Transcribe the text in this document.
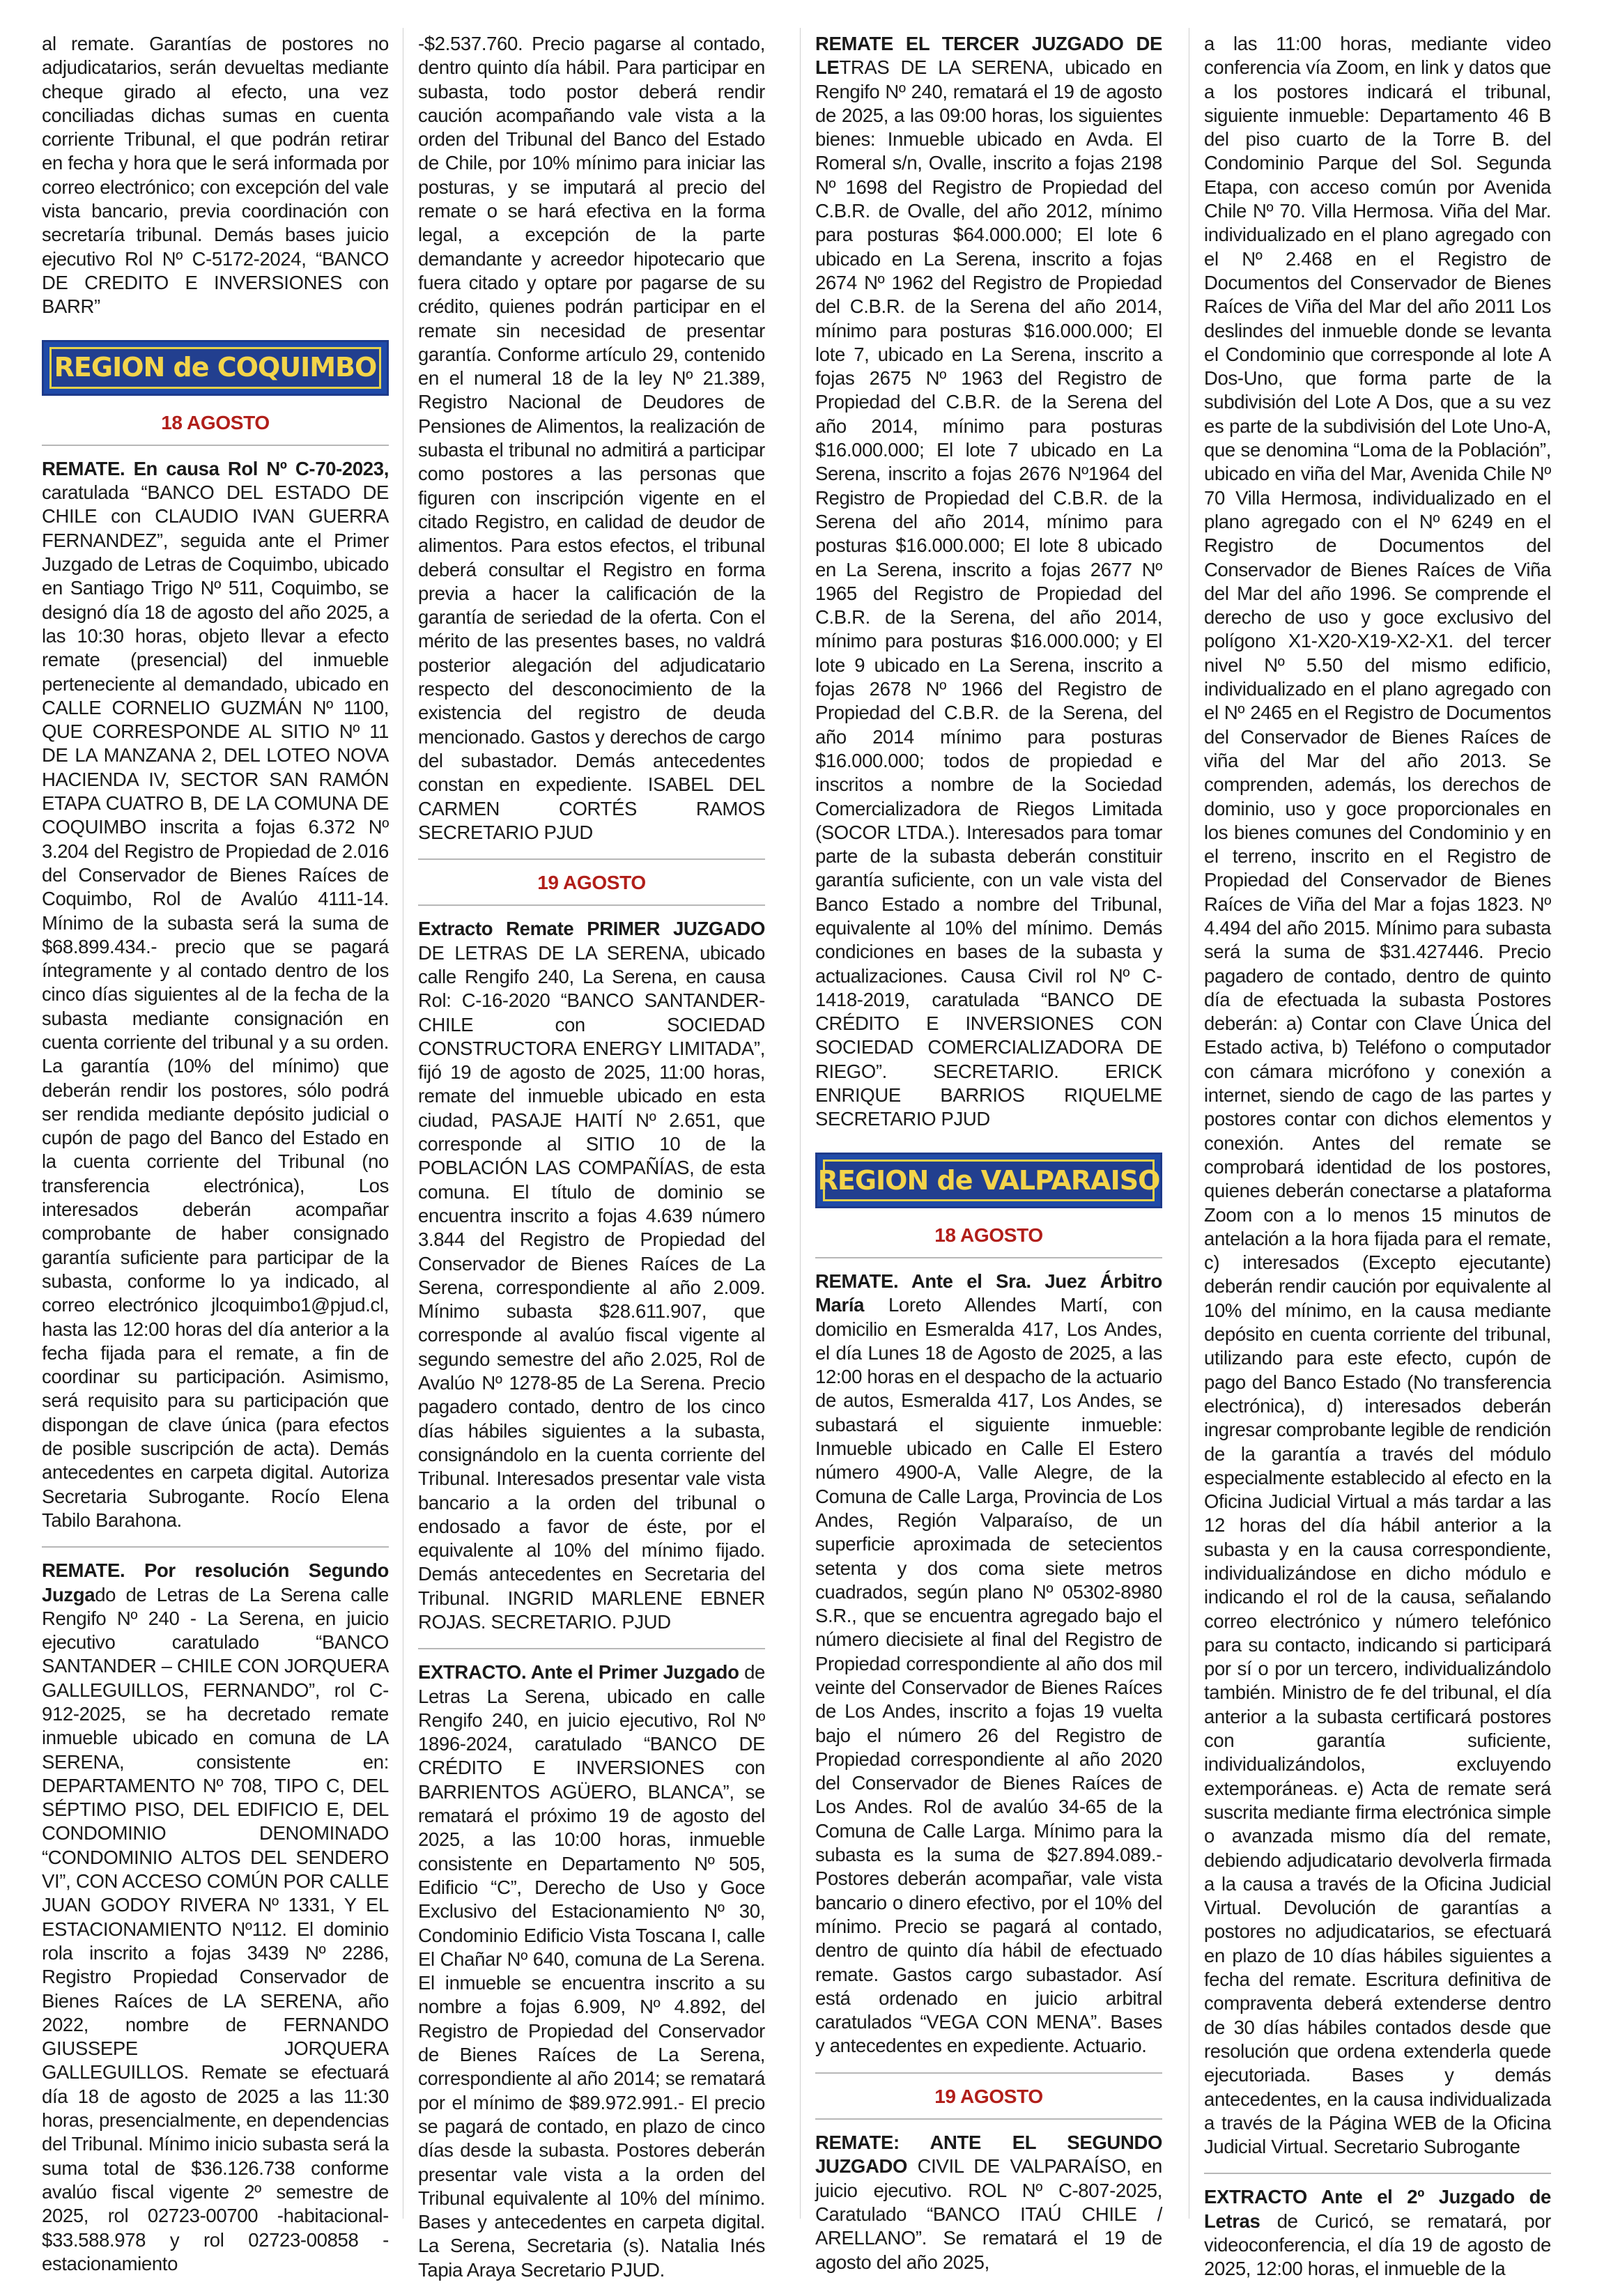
al remate. Garantías de postores no adjudicatarios, serán devueltas mediante cheque girado al efecto, una vez conciliadas dichas sumas en cuenta corriente Tribunal, el que podrán retirar en fecha y hora que le será informada por correo electrónico; con excepción del vale vista bancario, previa coordinación con secretaría tribunal. Demás bases juicio ejecutivo Rol Nº C-5172-2024, “BANCO DE CREDITO E INVERSIONES con BARR”

REGION de COQUIMBO
18 AGOSTO

REMATE. En causa Rol Nº C-70-2023, caratulada “BANCO DEL ESTADO DE CHILE con CLAUDIO IVAN GUERRA FERNANDEZ”, seguida ante el Primer Juzgado de Letras de Coquimbo, ubicado en Santiago Trigo Nº 511, Coquimbo, se designó día 18 de agosto del año 2025, a las 10:30 horas, objeto llevar a efecto remate (presencial) del inmueble perteneciente al demandado, ubicado en CALLE CORNELIO GUZMÁN Nº 1100, QUE CORRESPONDE AL SITIO Nº 11 DE LA MANZANA 2, DEL LOTEO NOVA HACIENDA IV, SECTOR SAN RAMÓN ETAPA CUATRO B, DE LA COMUNA DE COQUIMBO inscrita a fojas 6.372 Nº 3.204 del Registro de Propiedad de 2.016 del Conservador de Bienes Raíces de Coquimbo, Rol de Avalúo 4111-14. Mínimo de la subasta será la suma de $68.899.434.- precio que se pagará íntegramente y al contado dentro de los cinco días siguientes al de la fecha de la subasta mediante consignación en cuenta corriente del tribunal y a su orden. La garantía (10% del mínimo) que deberán rendir los postores, sólo podrá ser rendida mediante depósito judicial o cupón de pago del Banco del Estado en la cuenta corriente del Tribunal (no transferencia electrónica), Los interesados deberán acompañar comprobante de haber consignado garantía suficiente para participar de la subasta, conforme lo ya indicado, al correo electrónico jlcoquimbo1@pjud.cl, hasta las 12:00 horas del día anterior a la fecha fijada para el remate, a fin de coordinar su participación. Asimismo, será requisito para su participación que dispongan de clave única (para efectos de posible suscripción de acta). Demás antecedentes en carpeta digital. Autoriza Secretaria Subrogante. Rocío Elena Tabilo Barahona.

REMATE. Por resolución Segundo Juzgado de Letras de La Serena calle Rengifo Nº 240 - La Serena, en juicio ejecutivo caratulado “BANCO SANTANDER – CHILE CON JORQUERA GALLEGUILLOS, FERNANDO”, rol C-912-2025, se ha decretado remate inmueble ubicado en comuna de LA SERENA, consistente en: DEPARTAMENTO Nº 708, TIPO C, DEL SÉPTIMO PISO, DEL EDIFICIO E, DEL CONDOMINIO DENOMINADO “CONDOMINIO ALTOS DEL SENDERO VI”, CON ACCESO COMÚN POR CALLE JUAN GODOY RIVERA Nº 1331, Y EL ESTACIONAMIENTO Nº112. El dominio rola inscrito a fojas 3439 Nº 2286, Registro Propiedad Conservador de Bienes Raíces de LA SERENA, año 2022, nombre de FERNANDO GIUSSEPE JORQUERA GALLEGUILLOS. Remate se efectuará día 18 de agosto de 2025 a las 11:30 horas, presencialmente, en dependencias del Tribunal. Mínimo inicio subasta será la suma total de $36.126.738 conforme avalúo fiscal vigente 2º semestre de 2025, rol 02723-00700 -habitacional- $33.588.978 y rol 02723-00858 -estacionamiento

-$2.537.760. Precio pagarse al contado, dentro quinto día hábil. Para participar en subasta, todo postor deberá rendir caución acompañando vale vista a la orden del Tribunal del Banco del Estado de Chile, por 10% mínimo para iniciar las posturas, y se imputará al precio del remate o se hará efectiva en la forma legal, a excepción de la parte demandante y acreedor hipotecario que fuera citado y optare por pagarse de su crédito, quienes podrán participar en el remate sin necesidad de presentar garantía. Conforme artículo 29, contenido en el numeral 18 de la ley Nº 21.389, Registro Nacional de Deudores de Pensiones de Alimentos, la realización de subasta el tribunal no admitirá a participar como postores a las personas que figuren con inscripción vigente en el citado Registro, en calidad de deudor de alimentos. Para estos efectos, el tribunal deberá consultar el Registro en forma previa a hacer la calificación de la garantía de seriedad de la oferta. Con el mérito de las presentes bases, no valdrá posterior alegación del adjudicatario respecto del desconocimiento de la existencia del registro de deuda mencionado. Gastos y derechos de cargo del subastador. Demás antecedentes constan en expediente. ISABEL DEL CARMEN CORTÉS RAMOS SECRETARIO PJUD

19 AGOSTO

Extracto Remate PRIMER JUZGADO DE LETRAS DE LA SERENA, ubicado calle Rengifo 240, La Serena, en causa Rol: C-16-2020 “BANCO SANTANDER-CHILE con SOCIEDAD CONSTRUCTORA ENERGY LIMITADA”, fijó 19 de agosto de 2025, 11:00 horas, remate del inmueble ubicado en esta ciudad, PASAJE HAITÍ Nº 2.651, que corresponde al SITIO 10 de la POBLACIÓN LAS COMPAÑÍAS, de esta comuna. El título de dominio se encuentra inscrito a fojas 4.639 número 3.844 del Registro de Propiedad del Conservador de Bienes Raíces de La Serena, correspondiente al año 2.009. Mínimo subasta $28.611.907, que corresponde al avalúo fiscal vigente al segundo semestre del año 2.025, Rol de Avalúo Nº 1278-85 de La Serena. Precio pagadero contado, dentro de los cinco días hábiles siguientes a la subasta, consignándolo en la cuenta corriente del Tribunal. Interesados presentar vale vista bancario a la orden del tribunal o endosado a favor de éste, por el equivalente al 10% del mínimo fijado. Demás antecedentes en Secretaria del Tribunal. INGRID MARLENE EBNER ROJAS. SECRETARIO. PJUD

EXTRACTO. Ante el Primer Juzgado de Letras La Serena, ubicado en calle Rengifo 240, en juicio ejecutivo, Rol Nº 1896-2024, caratulado “BANCO DE CRÉDITO E INVERSIONES con BARRIENTOS AGÜERO, BLANCA”, se rematará el próximo 19 de agosto del 2025, a las 10:00 horas, inmueble consistente en Departamento Nº 505, Edificio “C”, Derecho de Uso y Goce Exclusivo del Estacionamiento Nº 30, Condominio Edificio Vista Toscana I, calle El Chañar Nº 640, comuna de La Serena. El inmueble se encuentra inscrito a su nombre a fojas 6.909, Nº 4.892, del Registro de Propiedad del Conservador de Bienes Raíces de La Serena, correspondiente al año 2014; se rematará por el mínimo de $89.972.991.- El precio se pagará de contado, en plazo de cinco días desde la subasta. Postores deberán presentar vale vista a la orden del Tribunal equivalente al 10% del mínimo. Bases y antecedentes en carpeta digital. La Serena, Secretaria (s). Natalia Inés Tapia Araya Secretario PJUD.

REMATE EL TERCER JUZGADO DE LETRAS DE LA SERENA, ubicado en Rengifo Nº 240, rematará el 19 de agosto de 2025, a las 09:00 horas, los siguientes bienes: Inmueble ubicado en Avda. El Romeral s/n, Ovalle, inscrito a fojas 2198 Nº 1698 del Registro de Propiedad del C.B.R. de Ovalle, del año 2012, mínimo para posturas $64.000.000; El lote 6 ubicado en La Serena, inscrito a fojas 2674 Nº 1962 del Registro de Propiedad del C.B.R. de la Serena del año 2014, mínimo para posturas $16.000.000; El lote 7, ubicado en La Serena, inscrito a fojas 2675 Nº 1963 del Registro de Propiedad del C.B.R. de la Serena del año 2014, mínimo para posturas $16.000.000; El lote 7 ubicado en La Serena, inscrito a fojas 2676 Nº1964 del Registro de Propiedad del C.B.R. de la Serena del año 2014, mínimo para posturas $16.000.000; El lote 8 ubicado en La Serena, inscrito a fojas 2677 Nº 1965 del Registro de Propiedad del C.B.R. de la Serena, del año 2014, mínimo para posturas $16.000.000; y El lote 9 ubicado en La Serena, inscrito a fojas 2678 Nº 1966 del Registro de Propiedad del C.B.R. de la Serena, del año 2014 mínimo para posturas $16.000.000; todos de propiedad e inscritos a nombre de la Sociedad Comercializadora de Riegos Limitada (SOCOR LTDA.). Interesados para tomar parte de la subasta deberán constituir garantía suficiente, con un vale vista del Banco Estado a nombre del Tribunal, equivalente al 10% del mínimo. Demás condiciones en bases de la subasta y actualizaciones. Causa Civil rol Nº C-1418-2019, caratulada “BANCO DE CRÉDITO E INVERSIONES CON SOCIEDAD COMERCIALIZADORA DE RIEGO”. SECRETARIO. ERICK ENRIQUE BARRIOS RIQUELME SECRETARIO PJUD

REGION de VALPARAISO
18 AGOSTO

REMATE. Ante el Sra. Juez Árbitro María Loreto Allendes Martí, con domicilio en Esmeralda 417, Los Andes, el día Lunes 18 de Agosto de 2025, a las 12:00 horas en el despacho de la actuario de autos, Esmeralda 417, Los Andes, se subastará el siguiente inmueble: Inmueble ubicado en Calle El Estero número 4900-A, Valle Alegre, de la Comuna de Calle Larga, Provincia de Los Andes, Región Valparaíso, de un superficie aproximada de setecientos setenta y dos coma siete metros cuadrados, según plano Nº 05302-8980 S.R., que se encuentra agregado bajo el número diecisiete al final del Registro de Propiedad correspondiente al año dos mil veinte del Conservador de Bienes Raíces de Los Andes, inscrito a fojas 19 vuelta bajo el número 26 del Registro de Propiedad correspondiente al año 2020 del Conservador de Bienes Raíces de Los Andes. Rol de avalúo 34-65 de la Comuna de Calle Larga. Mínimo para la subasta es la suma de $27.894.089.- Postores deberán acompañar, vale vista bancario o dinero efectivo, por el 10% del mínimo. Precio se pagará al contado, dentro de quinto día hábil de efectuado remate. Gastos cargo subastador. Así está ordenado en juicio arbitral caratulados “VEGA CON MENA”. Bases y antecedentes en expediente. Actuario.

19 AGOSTO

REMATE: ANTE EL SEGUNDO JUZGADO CIVIL DE VALPARAÍSO, en juicio ejecutivo. ROL Nº C-807-2025, Caratulado “BANCO ITAÚ CHILE / ARELLANO”. Se rematará el 19 de agosto del año 2025,

a las 11:00 horas, mediante video conferencia vía Zoom, en link y datos que a los postores indicará el tribunal, siguiente inmueble: Departamento 46 B del piso cuarto de la Torre B. del Condominio Parque del Sol. Segunda Etapa, con acceso común por Avenida Chile Nº 70. Villa Hermosa. Viña del Mar. individualizado en el plano agregado con el Nº 2.468 en el Registro de Documentos del Conservador de Bienes Raíces de Viña del Mar del año 2011 Los deslindes del inmueble donde se levanta el Condominio que corresponde al lote A Dos-Uno, que forma parte de la subdivisión del Lote A Dos, que a su vez es parte de la subdivisión del Lote Uno-A, que se denomina “Loma de la Población”, ubicado en viña del Mar, Avenida Chile Nº 70 Villa Hermosa, individualizado en el plano agregado con el Nº 6249 en el Registro de Documentos del Conservador de Bienes Raíces de Viña del Mar del año 1996. Se comprende el derecho de uso y goce exclusivo del polígono X1-X20-X19-X2-X1. del tercer nivel Nº 5.50 del mismo edificio, individualizado en el plano agregado con el Nº 2465 en el Registro de Documentos del Conservador de Bienes Raíces de viña del Mar del año 2013. Se comprenden, además, los derechos de dominio, uso y goce proporcionales en los bienes comunes del Condominio y en el terreno, inscrito en el Registro de Propiedad del Conservador de Bienes Raíces de Viña del Mar a fojas 1823. Nº 4.494 del año 2015. Mínimo para subasta será la suma de $31.427446. Precio pagadero de contado, dentro de quinto día de efectuada la subasta Postores deberán: a) Contar con Clave Única del Estado activa, b) Teléfono o computador con cámara micrófono y conexión a internet, siendo de cago de las partes y postores contar con dichos elementos y conexión. Antes del remate se comprobará identidad de los postores, quienes deberán conectarse a plataforma Zoom con a lo menos 15 minutos de antelación a la hora fijada para el remate, c) interesados (Excepto ejecutante) deberán rendir caución por equivalente al 10% del mínimo, en la causa mediante depósito en cuenta corriente del tribunal, utilizando para este efecto, cupón de pago del Banco Estado (No transferencia electrónica), d) interesados deberán ingresar comprobante legible de rendición de la garantía a través del módulo especialmente establecido al efecto en la Oficina Judicial Virtual a más tardar a las 12 horas del día hábil anterior a la subasta y en la causa correspondiente, individualizándose en dicho módulo e indicando el rol de la causa, señalando correo electrónico y número telefónico para su contacto, indicando si participará por sí o por un tercero, individualizándolo también. Ministro de fe del tribunal, el día anterior a la subasta certificará postores con garantía suficiente, individualizándolos, excluyendo extemporáneas. e) Acta de remate será suscrita mediante firma electrónica simple o avanzada mismo día del remate, debiendo adjudicatario devolverla firmada a la causa a través de la Oficina Judicial Virtual. Devolución de garantías a postores no adjudicatarios, se efectuará en plazo de 10 días hábiles siguientes a fecha del remate. Escritura definitiva de compraventa deberá extenderse dentro de 30 días hábiles contados desde que resolución que ordena extenderla quede ejecutoriada. Bases y demás antecedentes, en la causa individualizada a través de la Página WEB de la Oficina Judicial Virtual. Secretario Subrogante

EXTRACTO Ante el 2º Juzgado de Letras de Curicó, se rematará, por videoconferencia, el día 19 de agosto de 2025, 12:00 horas, el inmueble de la
